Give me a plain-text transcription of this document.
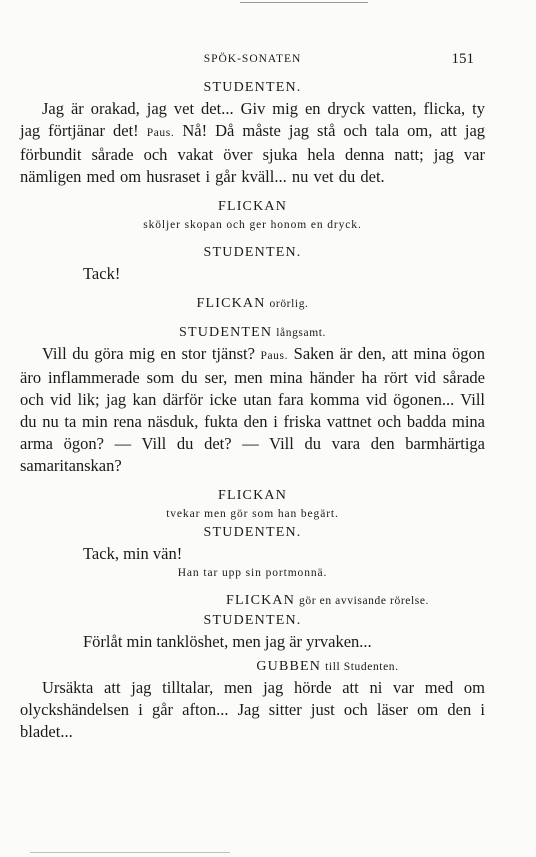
SPÖK-SONATEN	151
STUDENTEN.
Jag är orakad, jag vet det... Giv mig en dryck vatten, flicka, ty jag förtjänar det! Paus. Nå! Då måste jag stå och tala om, att jag förbundit sårade och vakat över sjuka hela denna natt; jag var nämligen med om husraset i går kväll... nu vet du det.
FLICKAN
sköljer skopan och ger honom en dryck.
STUDENTEN.
Tack!
FLICKAN orörlig.
STUDENTEN långsamt.
Vill du göra mig en stor tjänst? Paus. Saken är den, att mina ögon äro inflammerade som du ser, men mina händer ha rört vid sårade och vid lik; jag kan därför icke utan fara komma vid ögonen... Vill du nu ta min rena näsduk, fukta den i friska vattnet och badda mina arma ögon? — Vill du det? — Vill du vara den barmhärtiga samaritanskan?
FLICKAN
tvekar men gör som han begärt.
STUDENTEN.
Tack, min vän!
Han tar upp sin portmonnä.
FLICKAN gör en avvisande rörelse.
STUDENTEN.
Förlåt min tanklöshet, men jag är yrvaken...
GUBBEN till Studenten.
Ursäkta att jag tilltalar, men jag hörde att ni var med om olyckshändelsen i går afton... Jag sitter just och läser om den i bladet...
